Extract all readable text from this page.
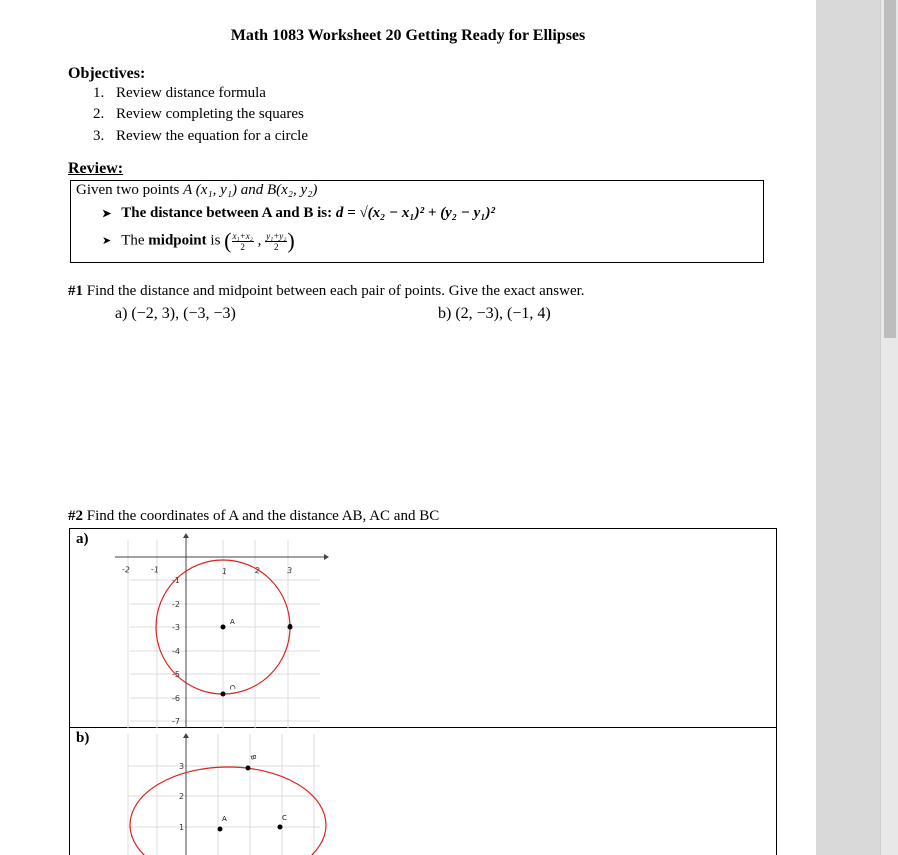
Math 1083 Worksheet 20 Getting Ready for Ellipses
Objectives:
1. Review distance formula
2. Review completing the squares
3. Review the equation for a circle
Review:
Given two points A (x₁, y₁) and B(x₂, y₂)
➤ The distance between A and B is: d = √(x₂ − x₁)² + (y₂ − y₁)²
➤ The midpoint is ( $\frac{\text{x₁+x₂}}{2}$ , $\frac{\text{y₁+y₂}}{2}$ )
#1 Find the distance and midpoint between each pair of points. Give the exact answer.
a) (−2, 3), (−3, −3)	b) (2, −3), (−1, 4)
#2 Find the coordinates of A and the distance AB, AC and BC
a)
b)
-2 -1	1	2	3
-1
-2
-3
-4
-5
-6
-7
A
B
C
3
2
1
A
B
C
